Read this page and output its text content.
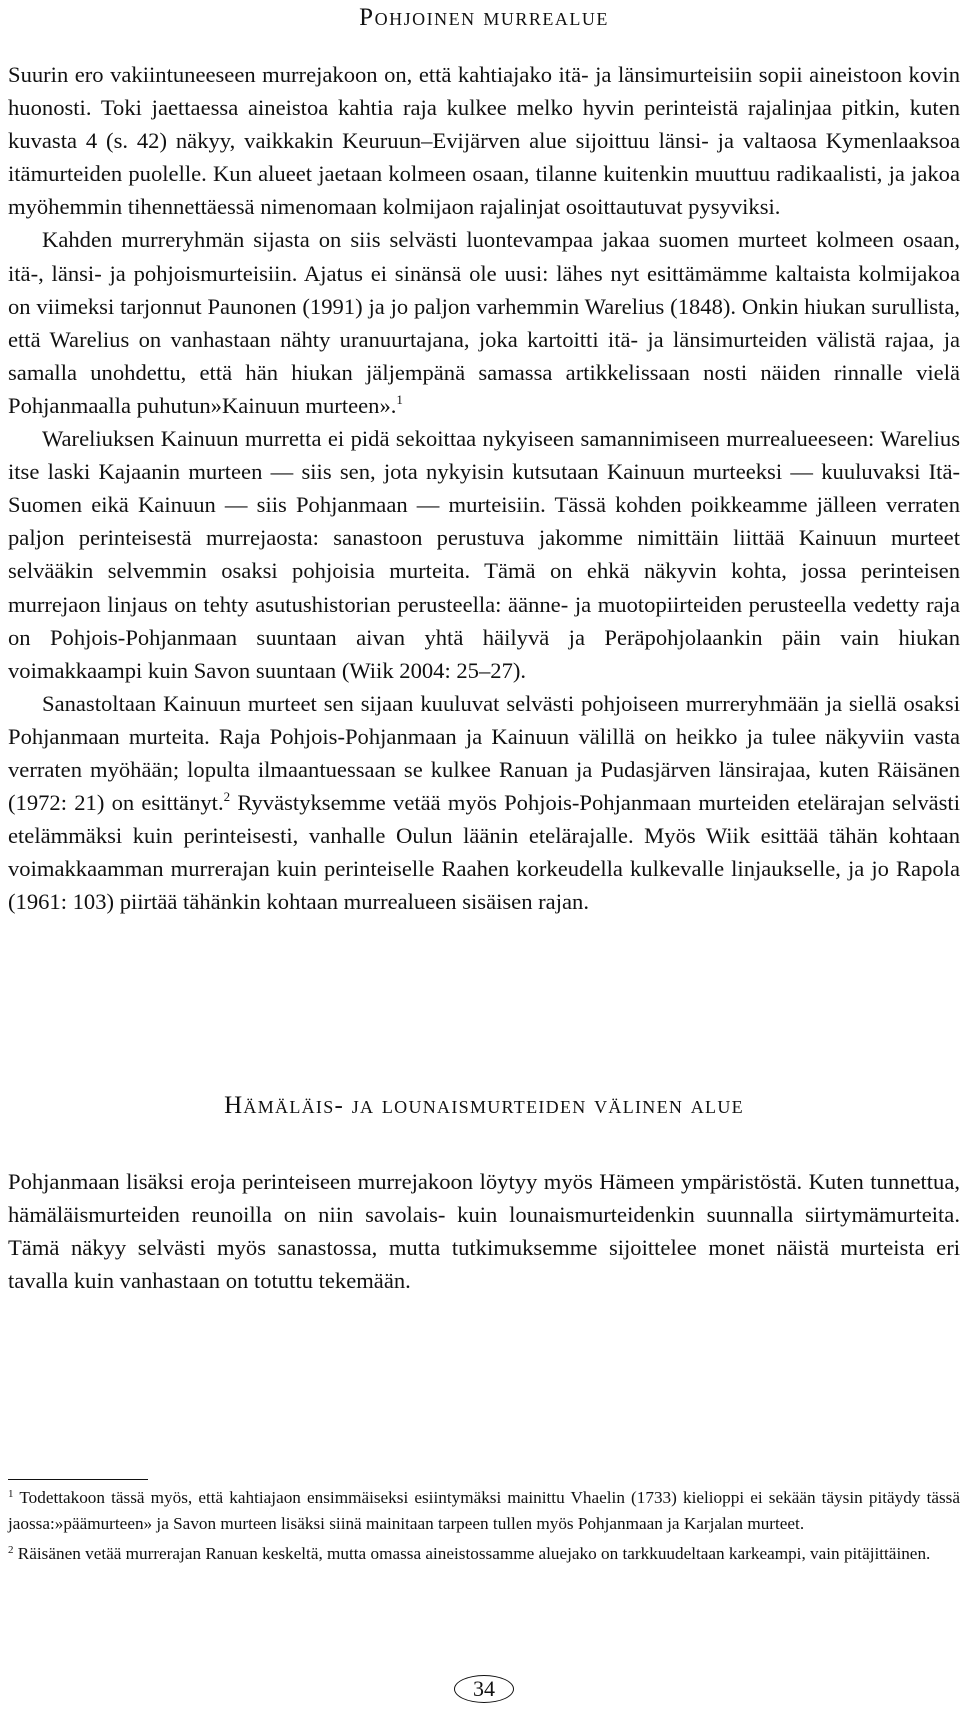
Pohjoinen murrealue

Suurin ero vakiintuneeseen murrejakoon on, että kahtiajako itä- ja länsimurteisiin sopii aineistoon kovin huonosti. Toki jaettaessa aineistoa kahtia raja kulkee melko hyvin perinteistä rajalinjaa pitkin, kuten kuvasta 4 (s. 42) näkyy, vaikkakin Keuruun–Evijärven alue sijoittuu länsi- ja valtaosa Kymenlaaksoa itämurteiden puolelle. Kun alueet jaetaan kolmeen osaan, tilanne kuitenkin muuttuu radikaalisti, ja jakoa myöhemmin tihennettäessä nimenomaan kolmijaon rajalinjat osoittautuvat pysyviksi.

Kahden murreryhmän sijasta on siis selvästi luontevampaa jakaa suomen murteet kolmeen osaan, itä-, länsi- ja pohjoismurteisiin. Ajatus ei sinänsä ole uusi: lähes nyt esittämämme kaltaista kolmijakoa on viimeksi tarjonnut Paunonen (1991) ja jo paljon varhemmin Warelius (1848). Onkin hiukan surullista, että Warelius on vanhastaan nähty uranuurtajana, joka kartoitti itä- ja länsimurteiden välistä rajaa, ja samalla unohdettu, että hän hiukan jäljempänä samassa artikkelissaan nosti näiden rinnalle vielä Pohjanmaalla puhutun»Kainuun murteen».$^1$

Wareliuksen Kainuun murretta ei pidä sekoittaa nykyiseen samannimiseen murrealueeseen: Warelius itse laski Kajaanin murteen — siis sen, jota nykyisin kutsutaan Kainuun murteeksi — kuuluvaksi Itä-Suomen eikä Kainuun — siis Pohjanmaan — murteisiin. Tässä kohden poikkeamme jälleen verraten paljon perinteisestä murrejaosta: sanastoon perustuva jakomme nimittäin liittää Kainuun murteet selvääkin selvemmin osaksi pohjoisia murteita. Tämä on ehkä näkyvin kohta, jossa perinteisen murrejaon linjaus on tehty asutushistorian perusteella: äänne- ja muotopiirteiden perusteella vedetty raja on Pohjois-Pohjanmaan suuntaan aivan yhtä häilyvä ja Peräpohjolaankin päin vain hiukan voimakkaampi kuin Savon suuntaan (Wiik 2004: 25–27).

Sanastoltaan Kainuun murteet sen sijaan kuuluvat selvästi pohjoiseen murreryhmään ja siellä osaksi Pohjanmaan murteita. Raja Pohjois-Pohjanmaan ja Kainuun välillä on heikko ja tulee näkyviin vasta verraten myöhään; lopulta ilmaantuessaan se kulkee Ranuan ja Pudasjärven länsirajaa, kuten Räisänen (1972: 21) on esittänyt.$^2$ Ryvästyksemme vetää myös Pohjois-Pohjanmaan murteiden etelärajan selvästi etelämmäksi kuin perinteisesti, vanhalle Oulun läänin etelärajalle. Myös Wiik esittää tähän kohtaan voimakkaamman murrerajan kuin perinteiselle Raahen korkeudella kulkevalle linjaukselle, ja jo Rapola (1961: 103) piirtää tähänkin kohtaan murrealueen sisäisen rajan.

Hämäläis- ja lounaismurteiden välinen alue

Pohjanmaan lisäksi eroja perinteiseen murrejakoon löytyy myös Hämeen ympäristöstä. Kuten tunnettua, hämäläismurteiden reunoilla on niin savolais- kuin lounaismurteidenkin suunnalla siirtymämurteita. Tämä näkyy selvästi myös sanastossa, mutta tutkimuksemme sijoittelee monet näistä murteista eri tavalla kuin vanhastaan on totuttu tekemään.

$^1$ Todettakoon tässä myös, että kahtiajaon ensimmäiseksi esiintymäksi mainittu Vhaelin (1733) kielioppi ei sekään täysin pitäydy tässä jaossa:»päämurteen» ja Savon murteen lisäksi siinä mainitaan tarpeen tullen myös Pohjanmaan ja Karjalan murteet.

$^2$ Räisänen vetää murrerajan Ranuan keskeltä, mutta omassa aineistossamme aluejako on tarkkuudeltaan karkeampi, vain pitäjittäinen.

34
